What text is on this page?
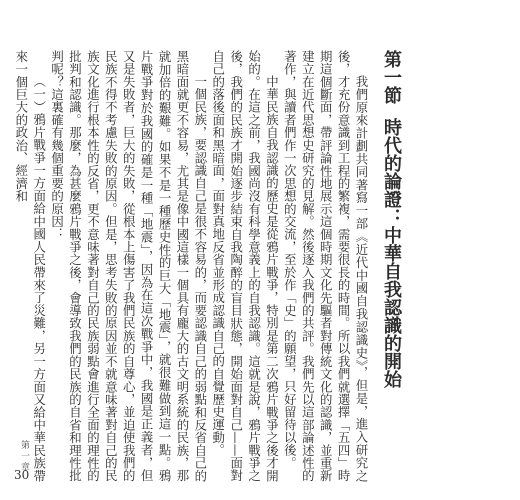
第一節時代的論證：中華自我認識的開始

我們原來計劃共同著寫一部《近代中國自我認識史》，但是，進入研究之後，才充份意識到工程的繁複，需要很長的時間。所以我們就選擇「五四」時期這個斷面，帶評論性地展示這個時期文化先驅者對傳統文化的認識，並重新建立在近代思想史研究的見解。然後逐入我們的共評。我們先以這部論述性的著作，與讀者們作一次思想的交流，至於作「史」的願望，只好留待以後。

中華民族自我認識的歷史是從鴉片戰爭，特別是第二次鴉片戰爭之後才開始的。在這之前，我國尚沒有科學意義上的自我認識。這就是說，鴉片戰爭之後，我們的民族才開始逐步結束自我陶醉的盲目狀態，開始面對自己——面對自己的落後面和黑暗面，面對真地反省並形成認識自己的自覺歷史運動。

一個民族，要認識自己是很不容易的，而要認識自己的弱點和反省自己的黑暗面就更不容易，尤其是像中國這樣一個具有龐大的古文明系統的民族，那就加倍的艱難。如果不是一種歷史性的巨大「地震」，就很難做到這一點。鴉片戰爭對於我國的確是一種「地震」，因為在這次戰爭中，我國是正義者，但又是失敗者，巨大的失敗，從根本上傷害了我們民族的自尊心，並迫使我們的民族不得不考慮失敗的原因。但是，思考失敗的原因並不就意味著對自己的民族文化進行根本性的反省，更不意味著對自己的民族弱點會進行全面的理性的批判和認識。那麼，為甚麼鴉片戰爭之後，會導致我們的民族的自省和理性批判呢？這裏確有幾個重要的原因：

（一）鴉片戰爭一方面給中國人民帶來了災難，另一方面又給中華民族帶來一個巨大的政治、經濟和

第一章
30
